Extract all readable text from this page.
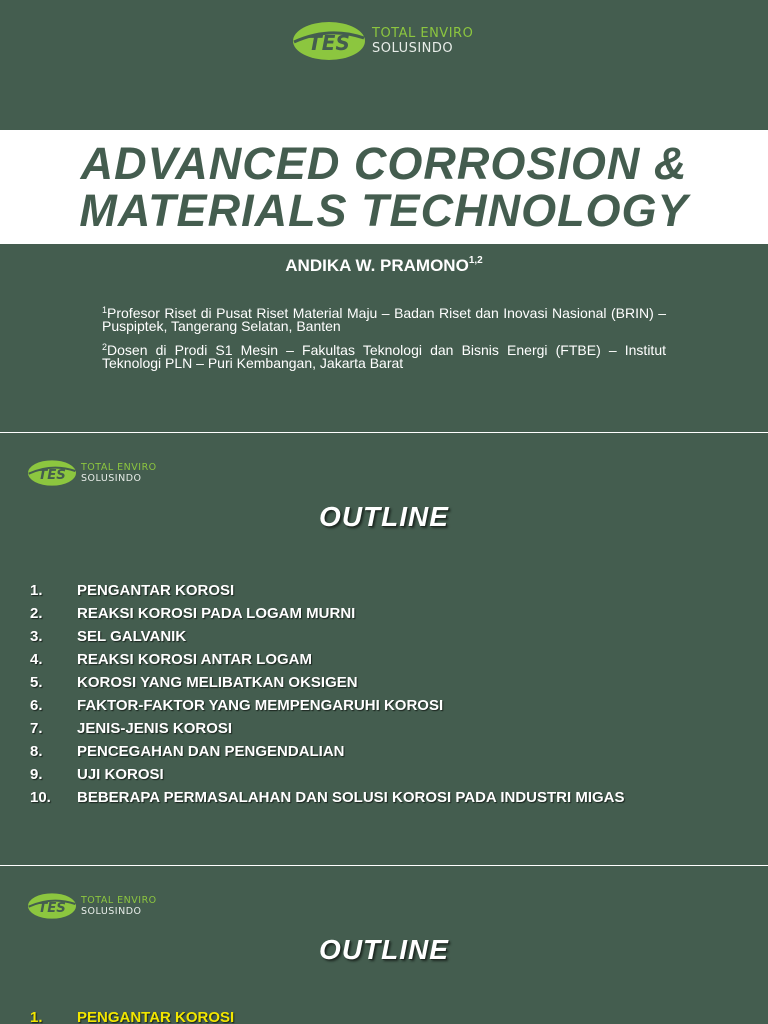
TES TOTAL ENVIRO
SOLUSINDO
ADVANCED CORROSION &
MATERIALS TECHNOLOGY
ANDIKA W. PRAMONO$^{1,2}$

$^1$Profesor Riset di Pusat Riset Material Maju – Badan Riset dan Inovasi Nasional (BRIN) – Puspiptek, Tangerang Selatan, Banten

$^2$Dosen di Prodi S1 Mesin – Fakultas Teknologi dan Bisnis Energi (FTBE) – Institut Teknologi PLN – Puri Kembangan, Jakarta Barat

TES
TOTAL ENVIRO
SOLUSINDO
OUTLINE
1.	PENGANTAR KOROSI
2.	REAKSI KOROSI PADA LOGAM MURNI
3.	SEL GALVANIK
4.	REAKSI KOROSI ANTAR LOGAM
5.	KOROSI YANG MELIBATKAN OKSIGEN
6.	FAKTOR-FAKTOR YANG MEMPENGARUHI KOROSI
7.	JENIS-JENIS KOROSI
8.	PENCEGAHAN DAN PENGENDALIAN
9.	UJI KOROSI
10.	BEBERAPA PERMASALAHAN DAN SOLUSI KOROSI PADA INDUSTRI MIGAS
TES
TOTAL ENVIRO
SOLUSINDO
OUTLINE
1.	PENGANTAR KOROSI
